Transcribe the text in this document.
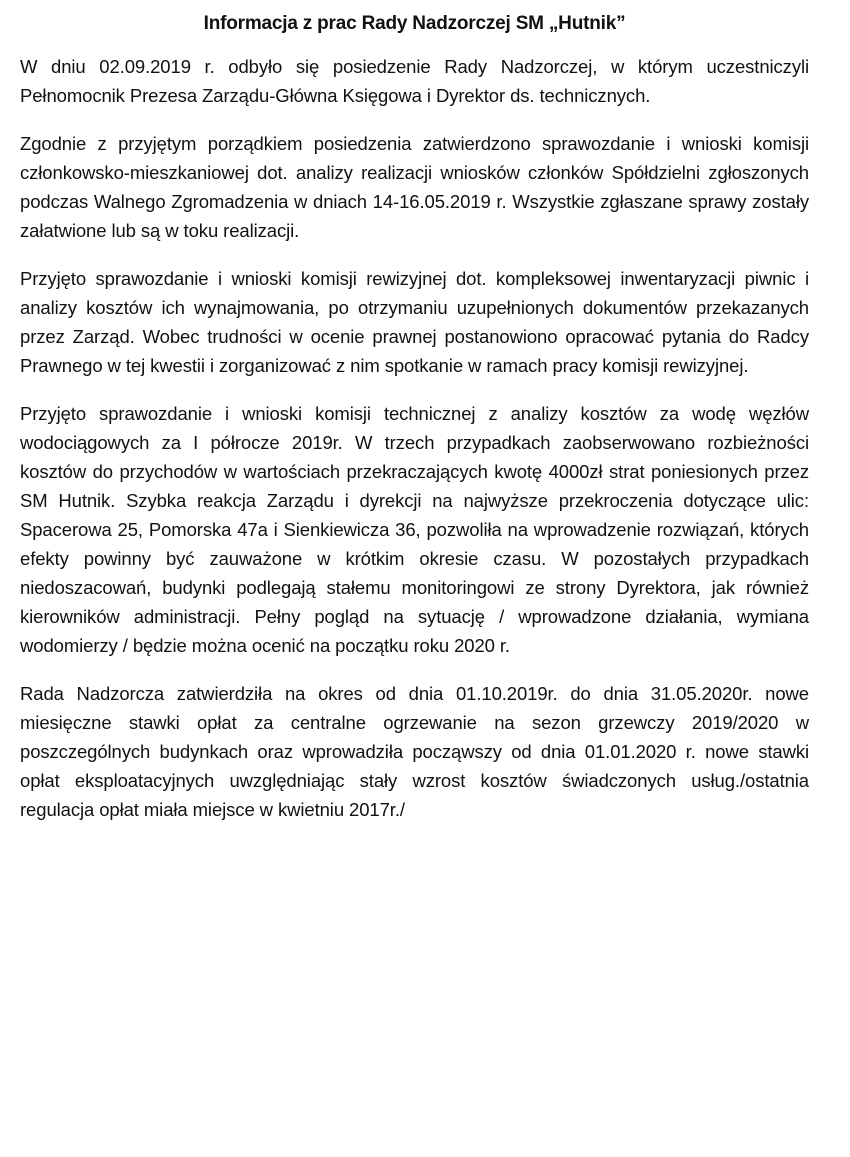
Informacja z prac Rady Nadzorczej SM „Hutnik”

W dniu 02.09.2019 r. odbyło się posiedzenie Rady Nadzorczej, w którym uczestniczyli Pełnomocnik Prezesa Zarządu-Główna Księgowa i Dyrektor ds. technicznych.

Zgodnie z przyjętym porządkiem posiedzenia zatwierdzono sprawozdanie i wnioski komisji członkowsko-mieszkaniowej dot. analizy realizacji wniosków członków Spółdzielni zgłoszonych podczas Walnego Zgromadzenia w dniach 14-16.05.2019 r. Wszystkie zgłaszane sprawy zostały załatwione lub są w toku realizacji.

Przyjęto sprawozdanie i wnioski komisji rewizyjnej dot. kompleksowej inwentaryzacji piwnic i analizy kosztów ich wynajmowania, po otrzymaniu uzupełnionych dokumentów przekazanych przez Zarząd. Wobec trudności w ocenie prawnej postanowiono opracować pytania do Radcy Prawnego w tej kwestii i zorganizować z nim spotkanie w ramach pracy komisji rewizyjnej.

Przyjęto sprawozdanie i wnioski komisji technicznej z analizy kosztów za wodę węzłów wodociągowych za I półrocze 2019r. W trzech przypadkach zaobserwowano rozbieżności kosztów do przychodów w wartościach przekraczających kwotę 4000zł strat poniesionych przez SM Hutnik. Szybka reakcja Zarządu i dyrekcji na najwyższe przekroczenia dotyczące ulic: Spacerowa 25, Pomorska 47a i Sienkiewicza 36, pozwoliła na wprowadzenie rozwiązań, których efekty powinny być zauważone w krótkim okresie czasu. W pozostałych przypadkach niedoszacowań, budynki podlegają stałemu monitoringowi ze strony Dyrektora, jak również kierowników administracji. Pełny pogląd na sytuację / wprowadzone działania, wymiana wodomierzy / będzie można ocenić na początku roku 2020 r.

Rada Nadzorcza zatwierdziła na okres od dnia 01.10.2019r. do dnia 31.05.2020r. nowe miesięczne stawki opłat za centralne ogrzewanie na sezon grzewczy 2019/2020 w poszczególnych budynkach oraz wprowadziła począwszy od dnia 01.01.2020 r. nowe stawki opłat eksploatacyjnych uwzględniając stały wzrost kosztów świadczonych usług./ostatnia regulacja opłat miała miejsce w kwietniu 2017r./
